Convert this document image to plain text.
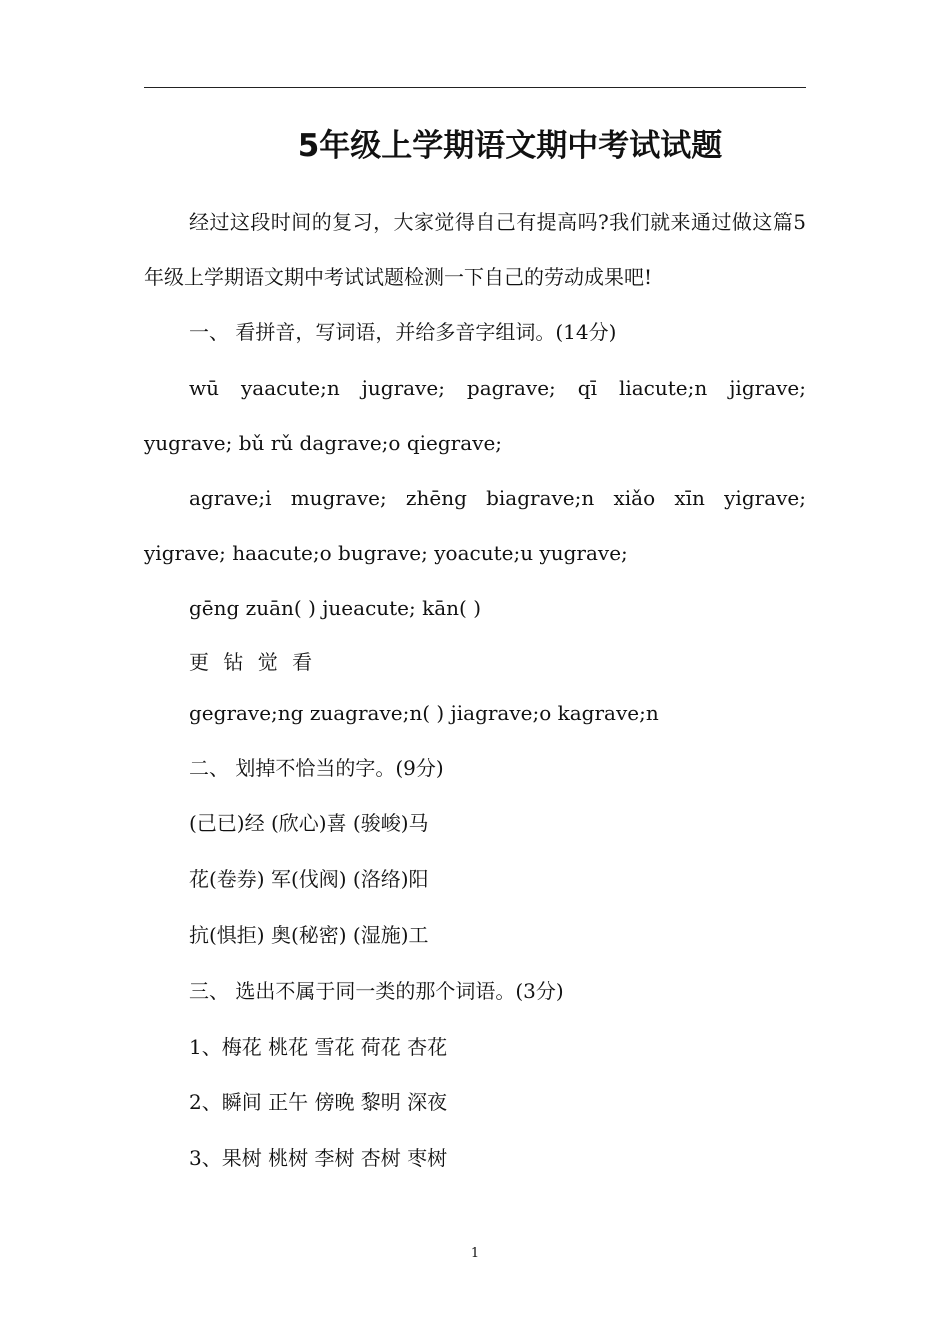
5年级上学期语文期中考试试题

经过这段时间的复习，大家觉得自己有提高吗?我们就来通过做这篇5年级上学期语文期中考试试题检测一下自己的劳动成果吧!

一、 看拼音，写词语，并给多音字组词。(14分)

wū yaacute;n jugrave; pagrave; qī liacute;n jigrave; yugrave; bǔ rǔ dagrave;o qiegrave;

agrave;i mugrave; zhēng biagrave;n xiǎo xīn yigrave; yigrave; haacute;o bugrave; yoacute;u yugrave;

gēng zuān( ) jueacute; kān( )

更 钻 觉 看

gegrave;ng zuagrave;n( ) jiagrave;o kagrave;n

二、 划掉不恰当的字。(9分)

(己已)经 (欣心)喜 (骏峻)马

花(卷券) 军(伐阀) (洛络)阳

抗(惧拒) 奥(秘密) (湿施)工

三、 选出不属于同一类的那个词语。(3分)

1、梅花 桃花 雪花 荷花 杏花

2、瞬间 正午 傍晚 黎明 深夜

3、果树 桃树 李树 杏树 枣树

1
